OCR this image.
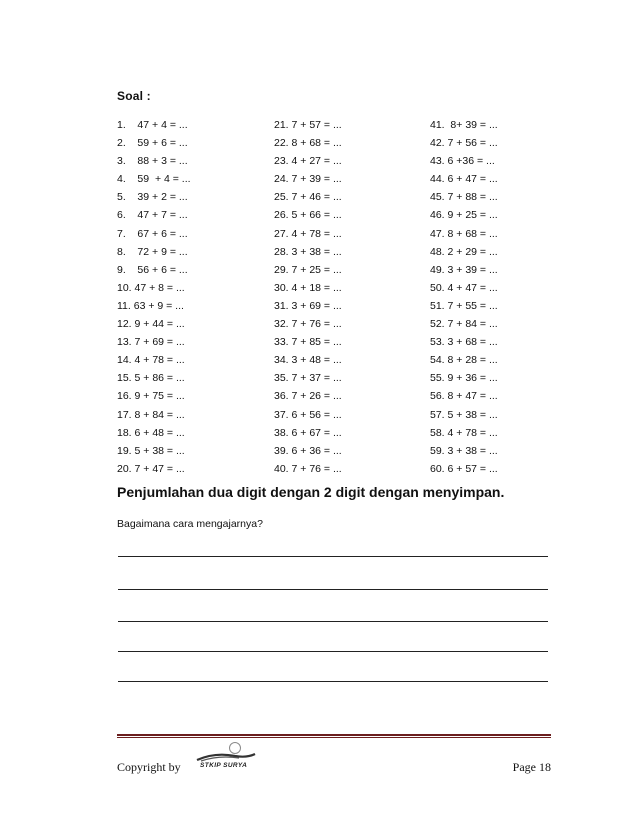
Soal :
1.    47 + 4 = ...
2.    59 + 6 = ...
3.    88 + 3 = ...
4.    59  + 4 = ...
5.    39 + 2 = ...
6.    47 + 7 = ...
7.    67 + 6 = ...
8.    72 + 9 = ...
9.    56 + 6 = ...
10. 47 + 8 = ...
11. 63 + 9 = ...
12. 9 + 44 = ...
13. 7 + 69 = ...
14. 4 + 78 = ...
15. 5 + 86 = ...
16. 9 + 75 = ...
17. 8 + 84 = ...
18. 6 + 48 = ...
19. 5 + 38 = ...
20. 7 + 47 = ...
21. 7 + 57 = ...
22. 8 + 68 = ...
23. 4 + 27 = ...
24. 7 + 39 = ...
25. 7 + 46 = ...
26. 5 + 66 = ...
27. 4 + 78 = ...
28. 3 + 38 = ...
29. 7 + 25 = ...
30. 4 + 18 = ...
31. 3 + 69 = ...
32. 7 + 76 = ...
33. 7 + 85 = ...
34. 3 + 48 = ...
35. 7 + 37 = ...
36. 7 + 26 = ...
37. 6 + 56 = ...
38. 6 + 67 = ...
39. 6 + 36 = ...
40. 7 + 76 = ...
41.  8+ 39 = ...
42. 7 + 56 = ...
43. 6 +36 = ...
44. 6 + 47 = ...
45. 7 + 88 = ...
46. 9 + 25 = ...
47. 8 + 68 = ...
48. 2 + 29 = ...
49. 3 + 39 = ...
50. 4 + 47 = ...
51. 7 + 55 = ...
52. 7 + 84 = ...
53. 3 + 68 = ...
54. 8 + 28 = ...
55. 9 + 36 = ...
56. 8 + 47 = ...
57. 5 + 38 = ...
58. 4 + 78 = ...
59. 3 + 38 = ...
60. 6 + 57 = ...
Penjumlahan dua digit dengan 2 digit dengan menyimpan.
Bagaimana cara mengajarnya?
Copyright by	STKIP SURYA	Page 18
